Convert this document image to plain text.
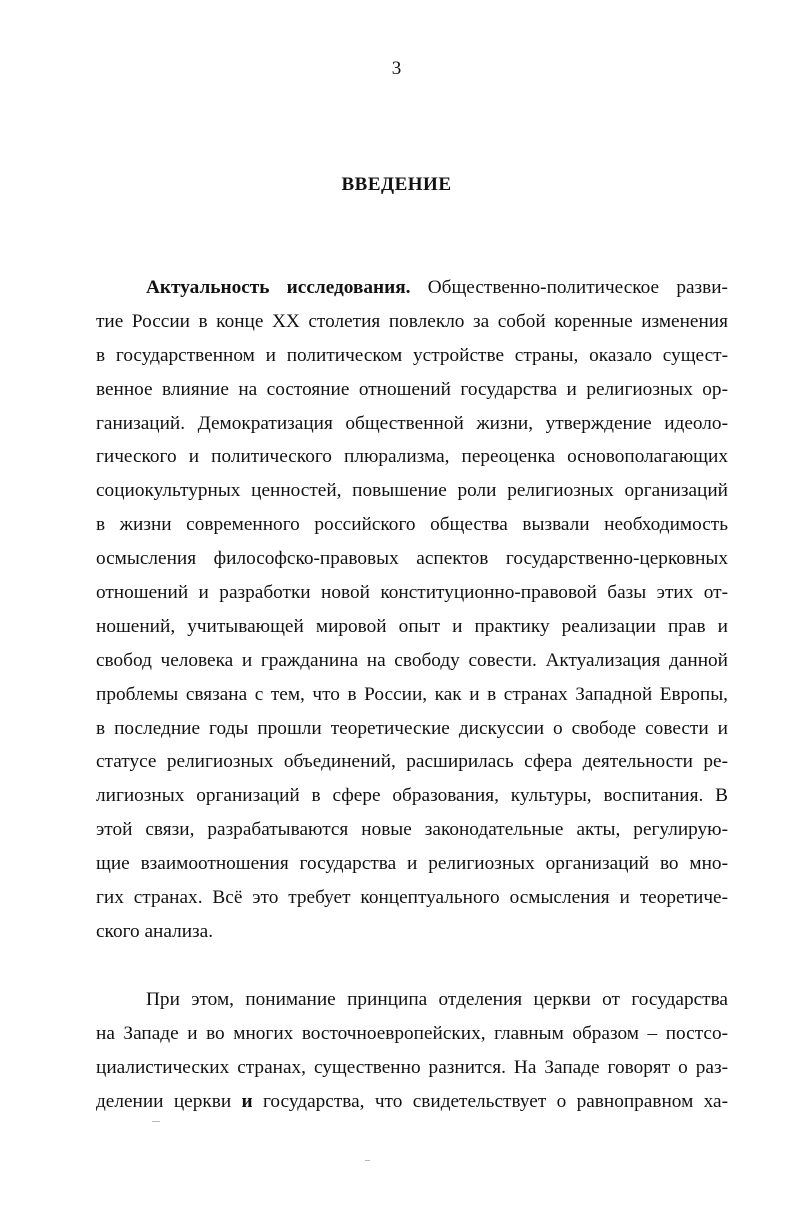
3
ВВЕДЕНИЕ
Актуальность исследования. Общественно-политическое разви-
тие России в конце XX столетия повлекло за собой коренные изменения
в государственном и политическом устройстве страны, оказало сущест-
венное влияние на состояние отношений государства и религиозных ор-
ганизаций. Демократизация общественной жизни, утверждение идеоло-
гического и политического плюрализма, переоценка основополагающих
социокультурных ценностей, повышение роли религиозных организаций
в жизни современного российского общества вызвали необходимость
осмысления философско-правовых аспектов государственно-церковных
отношений и разработки новой конституционно-правовой базы этих от-
ношений, учитывающей мировой опыт и практику реализации прав и
свобод человека и гражданина на свободу совести. Актуализация данной
проблемы связана с тем, что в России, как и в странах Западной Европы,
в последние годы прошли теоретические дискуссии о свободе совести и
статусе религиозных объединений, расширилась сфера деятельности ре-
лигиозных организаций в сфере образования, культуры, воспитания. В
этой связи, разрабатываются новые законодательные акты, регулирую-
щие взаимоотношения государства и религиозных организаций во мно-
гих странах. Всё это требует концептуального осмысления и теоретиче-
ского анализа.
При этом, понимание принципа отделения церкви от государства
на Западе и во многих восточноевропейских, главным образом – постсо-
циалистических странах, существенно разнится. На Западе говорят о раз-
делении церкви и государства, что свидетельствует о равноправном ха-
